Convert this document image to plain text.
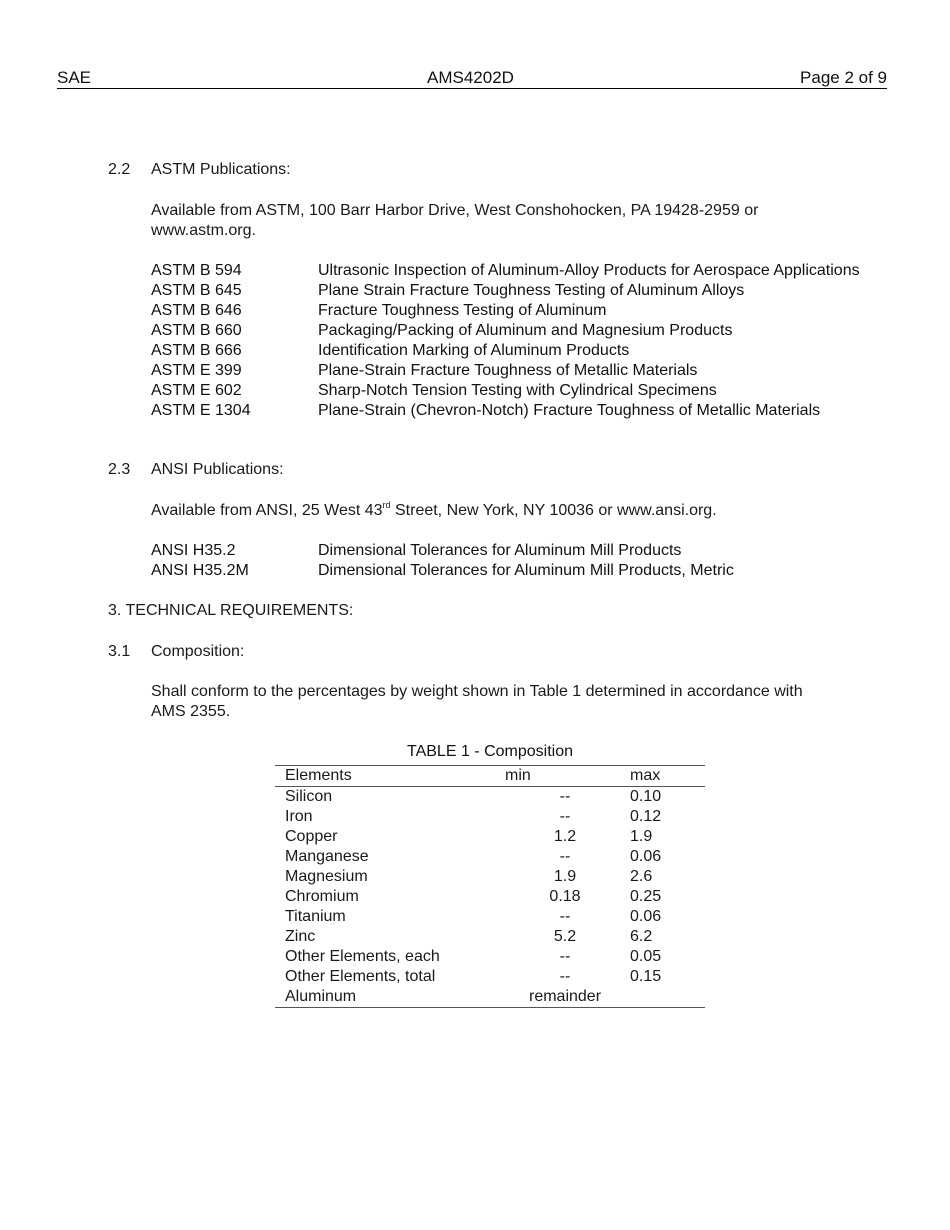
SAE	AMS4202D	Page 2 of 9
2.2 ASTM Publications:
Available from ASTM, 100 Barr Harbor Drive, West Conshohocken, PA 19428-2959 or
www.astm.org.
ASTM B 594	Ultrasonic Inspection of Aluminum-Alloy Products for Aerospace Applications
ASTM B 645	Plane Strain Fracture Toughness Testing of Aluminum Alloys
ASTM B 646	Fracture Toughness Testing of Aluminum
ASTM B 660	Packaging/Packing of Aluminum and Magnesium Products
ASTM B 666	Identification Marking of Aluminum Products
ASTM E 399	Plane-Strain Fracture Toughness of Metallic Materials
ASTM E 602	Sharp-Notch Tension Testing with Cylindrical Specimens
ASTM E 1304	Plane-Strain (Chevron-Notch) Fracture Toughness of Metallic Materials
2.3 ANSI Publications:
Available from ANSI, 25 West 43rd Street, New York, NY 10036 or www.ansi.org.
ANSI H35.2	Dimensional Tolerances for Aluminum Mill Products
ANSI H35.2M	Dimensional Tolerances for Aluminum Mill Products, Metric
3. TECHNICAL REQUIREMENTS:
3.1 Composition:
Shall conform to the percentages by weight shown in Table 1 determined in accordance with
AMS 2355.
TABLE 1 - Composition
Elements	min	max
Silicon	--	0.10
Iron	--	0.12
Copper	1.2	1.9
Manganese	--	0.06
Magnesium	1.9	2.6
Chromium	0.18	0.25
Titanium	--	0.06
Zinc	5.2	6.2
Other Elements, each	--	0.05
Other Elements, total	--	0.15
Aluminum	remainder	
